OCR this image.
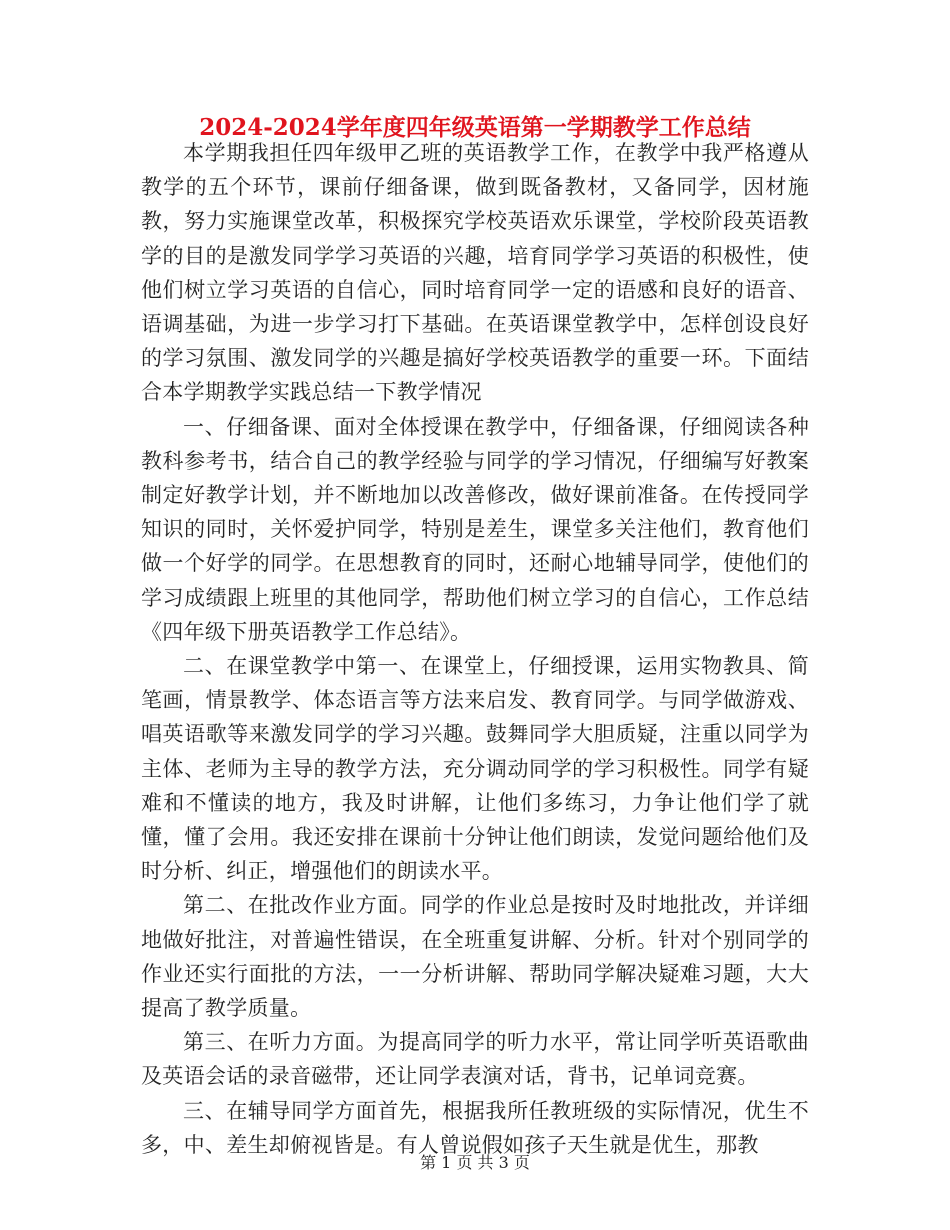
2024-2024学年度四年级英语第一学期教学工作总结

本学期我担任四年级甲乙班的英语教学工作，在教学中我严格遵从教学的五个环节，课前仔细备课，做到既备教材，又备同学，因材施教，努力实施课堂改革，积极探究学校英语欢乐课堂，学校阶段英语教学的目的是激发同学学习英语的兴趣，培育同学学习英语的积极性，使他们树立学习英语的自信心，同时培育同学一定的语感和良好的语音、语调基础，为进一步学习打下基础。在英语课堂教学中，怎样创设良好的学习氛围、激发同学的兴趣是搞好学校英语教学的重要一环。下面结合本学期教学实践总结一下教学情况

一、仔细备课、面对全体授课在教学中，仔细备课，仔细阅读各种教科参考书，结合自己的教学经验与同学的学习情况，仔细编写好教案制定好教学计划，并不断地加以改善修改，做好课前准备。在传授同学知识的同时，关怀爱护同学，特别是差生，课堂多关注他们，教育他们做一个好学的同学。在思想教育的同时，还耐心地辅导同学，使他们的学习成绩跟上班里的其他同学，帮助他们树立学习的自信心，工作总结《四年级下册英语教学工作总结》。

二、在课堂教学中第一、在课堂上，仔细授课，运用实物教具、简笔画，情景教学、体态语言等方法来启发、教育同学。与同学做游戏、唱英语歌等来激发同学的学习兴趣。鼓舞同学大胆质疑，注重以同学为主体、老师为主导的教学方法，充分调动同学的学习积极性。同学有疑难和不懂读的地方，我及时讲解，让他们多练习，力争让他们学了就懂，懂了会用。我还安排在课前十分钟让他们朗读，发觉问题给他们及时分析、纠正，增强他们的朗读水平。

第二、在批改作业方面。同学的作业总是按时及时地批改，并详细地做好批注，对普遍性错误，在全班重复讲解、分析。针对个别同学的作业还实行面批的方法，一一分析讲解、帮助同学解决疑难习题，大大提高了教学质量。

第三、在听力方面。为提高同学的听力水平，常让同学听英语歌曲及英语会话的录音磁带，还让同学表演对话，背书，记单词竞赛。

三、在辅导同学方面首先，根据我所任教班级的实际情况，优生不多，中、差生却俯视皆是。有人曾说假如孩子天生就是优生，那教

第 1 页 共 3 页
